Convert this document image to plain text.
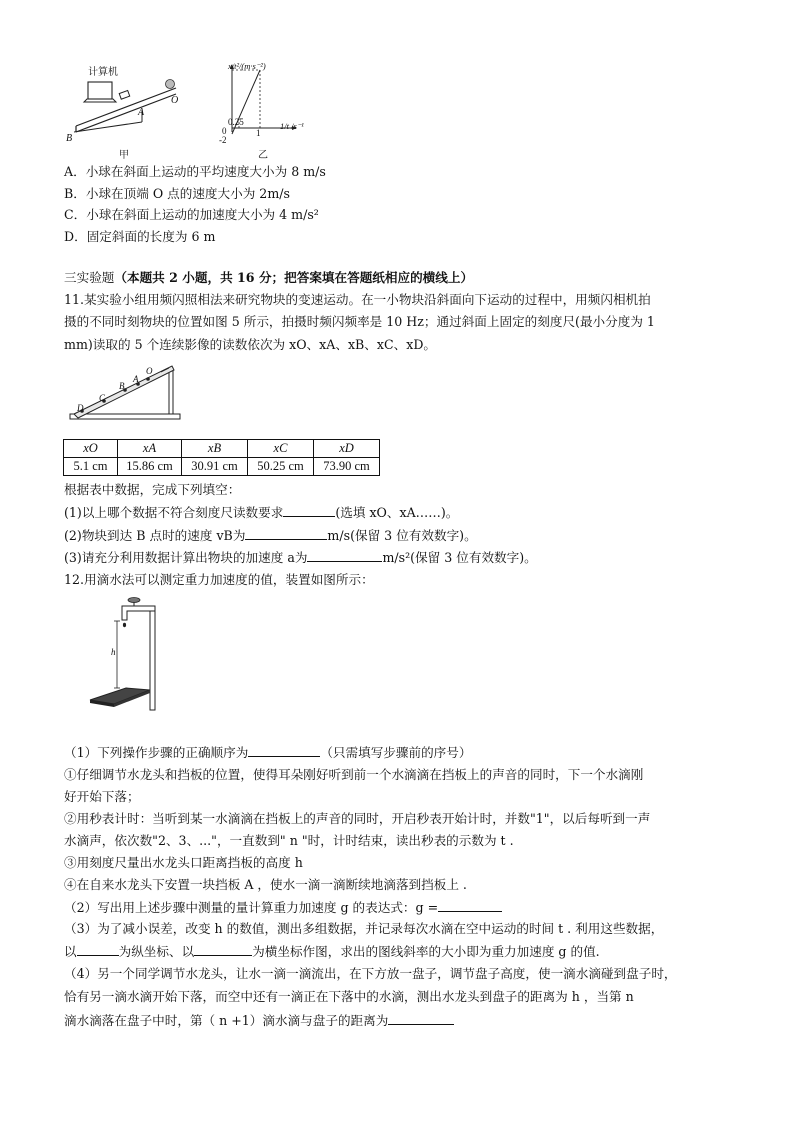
计算机
A
B
O
甲
x/t²/(m·s⁻²)
1/t /s⁻¹
0.25
1
0
-2
乙
A．小球在斜面上运动的平均速度大小为 8 m/s
B．小球在顶端 O 点的速度大小为 2m/s
C．小球在斜面上运动的加速度大小为 4 m/s²
D．固定斜面的长度为 6 m
三实验题（本题共 2 小题，共 16 分；把答案填在答题纸相应的横线上）
11.某实验小组用频闪照相法来研究物块的变速运动。在一小物块沿斜面向下运动的过程中，用频闪相机拍
摄的不同时刻物块的位置如图 5 所示，拍摄时频闪频率是 10 Hz；通过斜面上固定的刻度尺(最小分度为 1
mm)读取的 5 个连续影像的读数依次为 xO、xA、xB、xC、xD。
D
C
B
A
O
xO	xA	xB	xC	xD
5.1 cm	15.86 cm	30.91 cm	50.25 cm	73.90 cm
根据表中数据，完成下列填空：
(1)以上哪个数据不符合刻度尺读数要求	(选填 xO、xA……)。
(2)物块到达 B 点时的速度 vB为	m/s(保留 3 位有效数字)。
(3)请充分利用数据计算出物块的加速度 a为	m/s²(保留 3 位有效数字)。
12.用滴水法可以测定重力加速度的值，装置如图所示：
h
（1）下列操作步骤的正确顺序为	（只需填写步骤前的序号）
①仔细调节水龙头和挡板的位置，使得耳朵刚好听到前一个水滴滴在挡板上的声音的同时，下一个水滴刚
好开始下落；
②用秒表计时：当听到某一水滴滴在挡板上的声音的同时，开启秒表开始计时，并数"1"，以后每听到一声
水滴声，依次数"2、3、..."，一直数到" n "时，计时结束，读出秒表的示数为 t .
③用刻度尺量出水龙头口距离挡板的高度 h
④在自来水龙头下安置一块挡板 A ，使水一滴一滴断续地滴落到挡板上 .
（2）写出用上述步骤中测量的量计算重力加速度 g 的表达式：g =
（3）为了减小误差，改变 h 的数值，测出多组数据，并记录每次水滴在空中运动的时间 t . 利用这些数据，
以	为纵坐标、以	为横坐标作图，求出的图线斜率的大小即为重力加速度 g 的值.
（4）另一个同学调节水龙头，让水一滴一滴流出，在下方放一盘子，调节盘子高度，使一滴水滴碰到盘子时，
恰有另一滴水滴开始下落，而空中还有一滴正在下落中的水滴，测出水龙头到盘子的距离为 h ，当第 n
滴水滴落在盘子中时，第（ n +1）滴水滴与盘子的距离为
